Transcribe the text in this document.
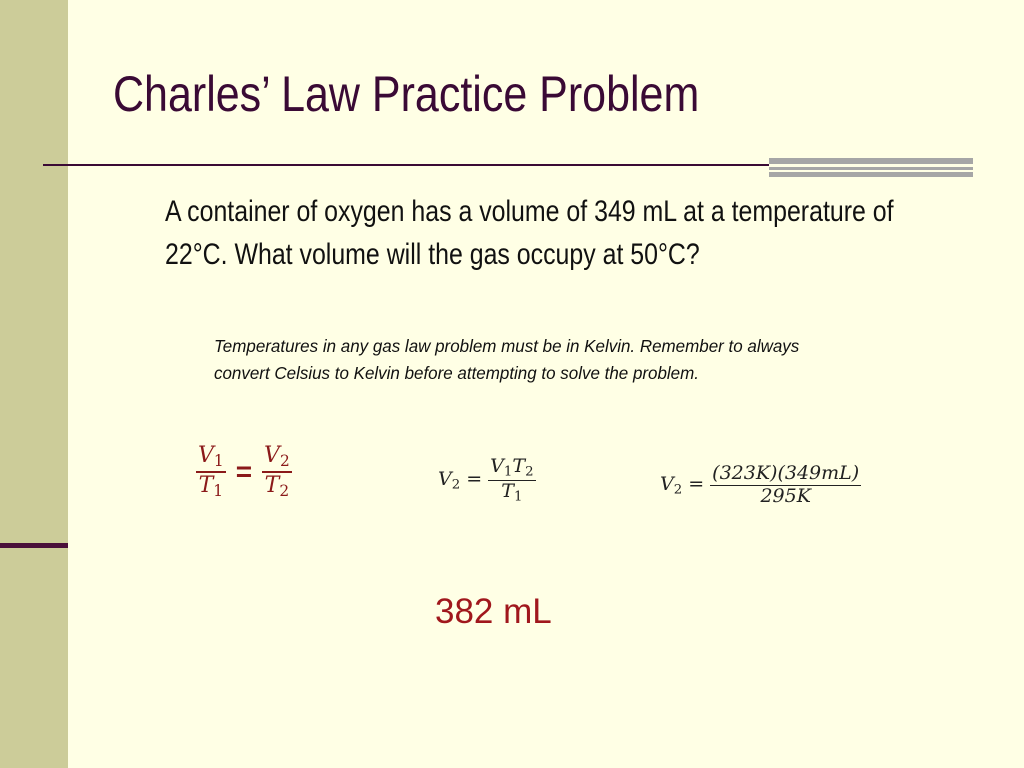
Charles’ Law Practice Problem

A container of oxygen has a volume of 349 mL at a temperature of 22°C. What volume will the gas occupy at 50°C?

Temperatures in any gas law problem must be in Kelvin. Remember to always convert Celsius to Kelvin before attempting to solve the problem.

$\frac{V_1}{T_1} = \frac{V_2}{T_2}$	$V_2 = \frac{V_1T_2}{T_1}$	$V_2 = \frac{(323K)(349mL)}{295K}$

382 mL
